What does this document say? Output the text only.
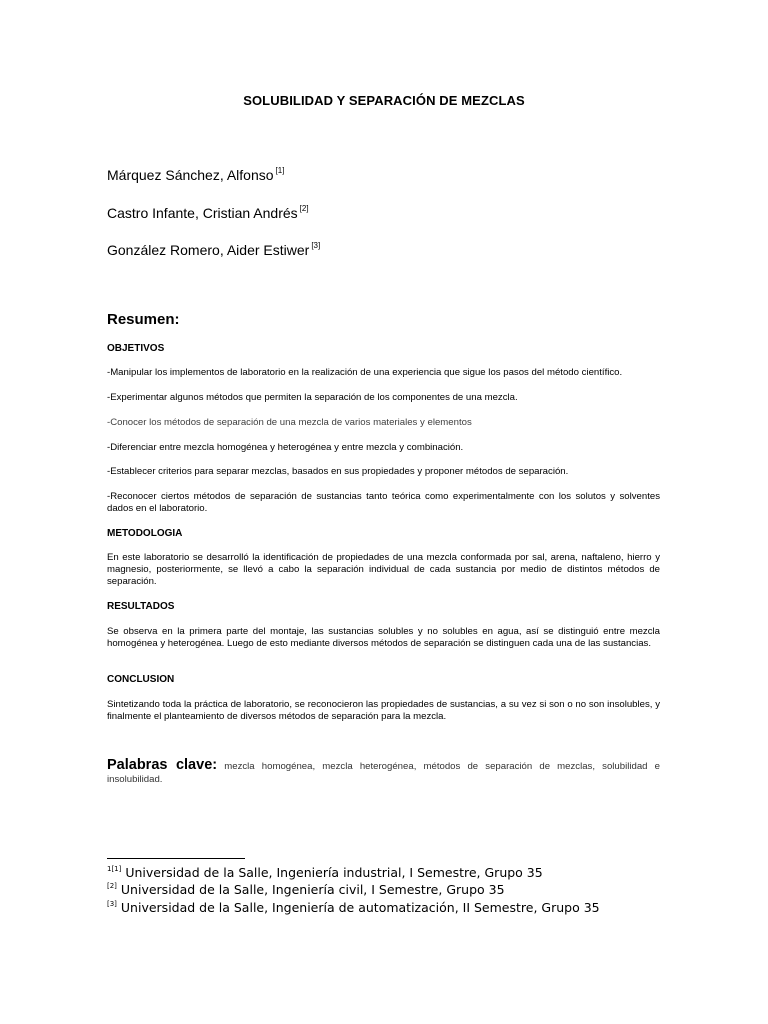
SOLUBILIDAD Y SEPARACIÓN DE MEZCLAS
Márquez Sánchez, Alfonso [1]
Castro Infante, Cristian Andrés [2]
González Romero, Aider Estiwer [3]
Resumen:
OBJETIVOS
-Manipular los implementos de laboratorio en la realización de una experiencia que sigue los pasos del método científico.
-Experimentar algunos métodos que permiten la separación de los componentes de una mezcla.
-Conocer los métodos de separación de una mezcla de varios materiales y elementos
-Diferenciar entre mezcla homogénea y heterogénea y entre mezcla y combinación.
-Establecer criterios para separar mezclas, basados en sus propiedades y proponer métodos de separación.
-Reconocer ciertos métodos de separación de sustancias tanto teórica como experimentalmente con los solutos y solventes dados en el laboratorio.
METODOLOGIA
En este laboratorio se desarrolló la identificación de propiedades de una mezcla conformada por sal, arena, naftaleno, hierro y magnesio, posteriormente, se llevó a cabo la separación individual de cada sustancia por medio de distintos métodos de separación.
RESULTADOS
Se observa en la primera parte del montaje, las sustancias solubles y no solubles en agua, así se distinguió entre mezcla homogénea y heterogénea. Luego de esto mediante diversos métodos de separación se distinguen cada una de las sustancias.
CONCLUSION
Sintetizando toda la práctica de laboratorio, se reconocieron las propiedades de sustancias, a su vez si son o no son insolubles, y finalmente el planteamiento de diversos métodos de separación para la mezcla.
Palabras clave: mezcla homogénea, mezcla heterogénea, métodos de separación de mezclas, solubilidad e insolubilidad.
$^{1[1]}$ Universidad de la Salle, Ingeniería industrial, I Semestre, Grupo 35
[2] Universidad de la Salle, Ingeniería civil, I Semestre, Grupo 35
[3] Universidad de la Salle, Ingeniería de automatización, II Semestre, Grupo 35
